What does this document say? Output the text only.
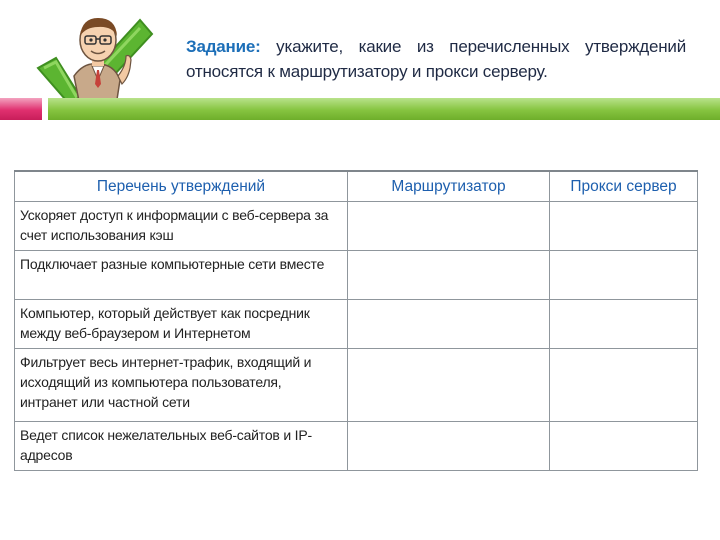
Задание: укажите, какие из перечисленных утверждений относятся к маршрутизатору и прокси серверу.
Перечень утверждений	Маршрутизатор	Прокси сервер
Ускоряет доступ к информации с веб-сервера за счет использования кэш		
Подключает разные компьютерные сети вместе		
Компьютер, который действует как посредник между веб-браузером и Интернетом		
Фильтрует весь интернет-трафик, входящий и исходящий из компьютера пользователя, интранет или частной сети		
Ведет список нежелательных веб-сайтов и IP-адресов		
